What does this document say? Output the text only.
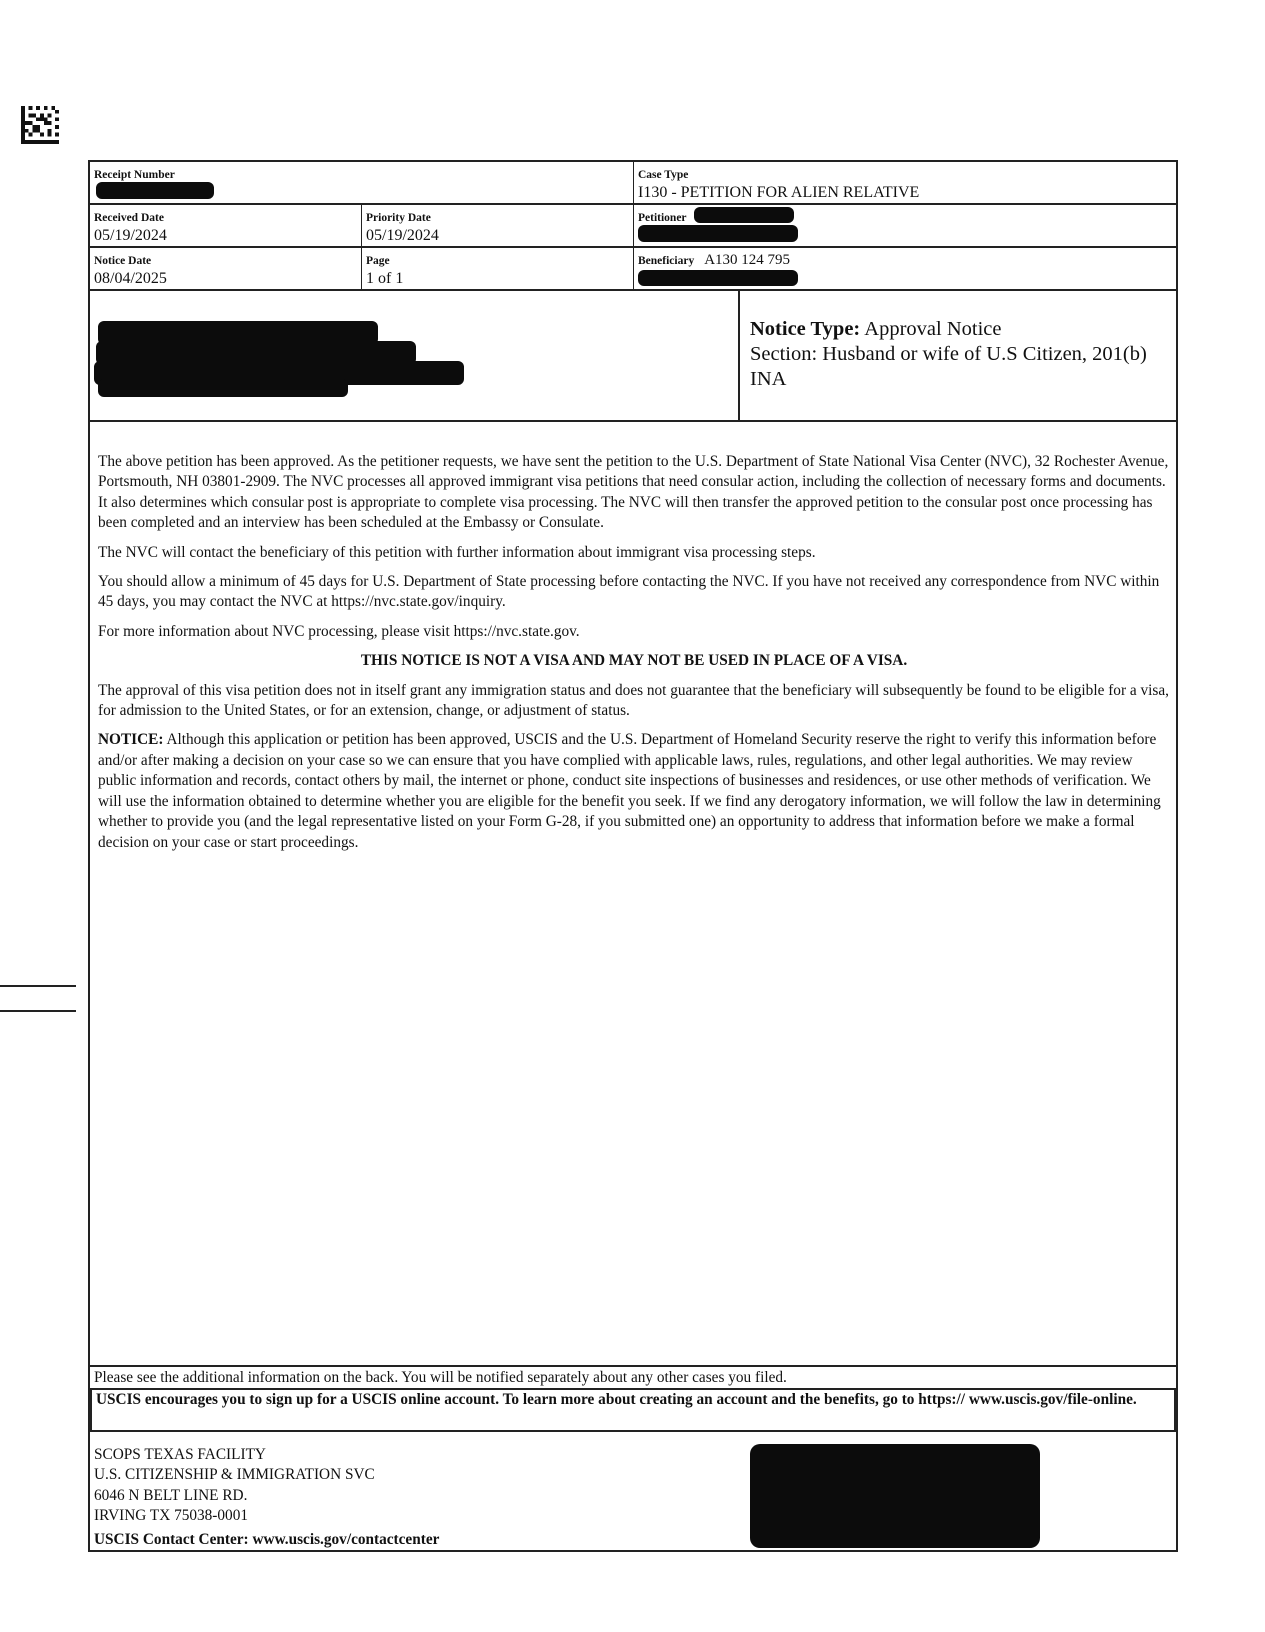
Receipt Number	Case Type
I130 - PETITION FOR ALIEN RELATIVE
Received Date
05/19/2024
Priority Date
05/19/2024
Petitioner
Notice Date
08/04/2025
Page
1 of 1
Beneficiary A130 124 795
Notice Type: Approval Notice
Section: Husband or wife of U.S Citizen, 201(b) INA

The above petition has been approved. As the petitioner requests, we have sent the petition to the U.S. Department of State National Visa Center (NVC), 32 Rochester Avenue, Portsmouth, NH 03801-2909. The NVC processes all approved immigrant visa petitions that need consular action, including the collection of necessary forms and documents. It also determines which consular post is appropriate to complete visa processing. The NVC will then transfer the approved petition to the consular post once processing has been completed and an interview has been scheduled at the Embassy or Consulate.

The NVC will contact the beneficiary of this petition with further information about immigrant visa processing steps.

You should allow a minimum of 45 days for U.S. Department of State processing before contacting the NVC. If you have not received any correspondence from NVC within 45 days, you may contact the NVC at https://nvc.state.gov/inquiry.

For more information about NVC processing, please visit https://nvc.state.gov.

THIS NOTICE IS NOT A VISA AND MAY NOT BE USED IN PLACE OF A VISA.

The approval of this visa petition does not in itself grant any immigration status and does not guarantee that the beneficiary will subsequently be found to be eligible for a visa, for admission to the United States, or for an extension, change, or adjustment of status.

NOTICE: Although this application or petition has been approved, USCIS and the U.S. Department of Homeland Security reserve the right to verify this information before and/or after making a decision on your case so we can ensure that you have complied with applicable laws, rules, regulations, and other legal authorities. We may review public information and records, contact others by mail, the internet or phone, conduct site inspections of businesses and residences, or use other methods of verification. We will use the information obtained to determine whether you are eligible for the benefit you seek. If we find any derogatory information, we will follow the law in determining whether to provide you (and the legal representative listed on your Form G-28, if you submitted one) an opportunity to address that information before we make a formal decision on your case or start proceedings.

Please see the additional information on the back. You will be notified separately about any other cases you filed.
USCIS encourages you to sign up for a USCIS online account. To learn more about creating an account and the benefits, go to https:// www.uscis.gov/file-online.
SCOPS TEXAS FACILITY
U.S. CITIZENSHIP & IMMIGRATION SVC
6046 N BELT LINE RD.
IRVING TX 75038-0001
USCIS Contact Center: www.uscis.gov/contactcenter
